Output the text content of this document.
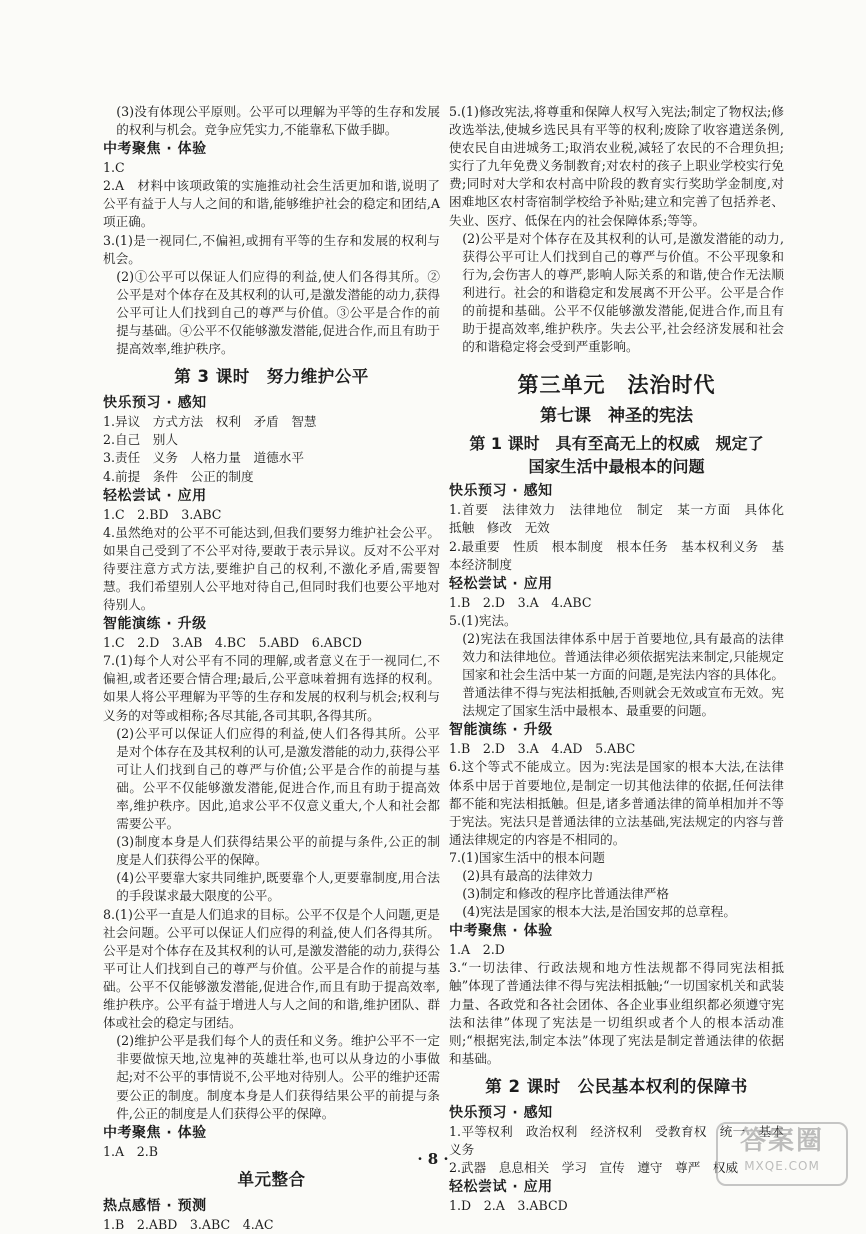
(3)没有体现公平原则。公平可以理解为平等的生存和发展的权利与机会。竞争应凭实力,不能靠私下做手脚。

中考聚焦 · 体验

1.C

2.A　材料中该项政策的实施推动社会生活更加和谐,说明了公平有益于人与人之间的和谐,能够维护社会的稳定和团结,A项正确。

3.(1)是一视同仁,不偏袒,或拥有平等的生存和发展的权利与机会。

(2)①公平可以保证人们应得的利益,使人们各得其所。②公平是对个体存在及其权利的认可,是激发潜能的动力,获得公平可让人们找到自己的尊严与价值。③公平是合作的前提与基础。④公平不仅能够激发潜能,促进合作,而且有助于提高效率,维护秩序。

第 3 课时　努力维护公平

快乐预习 · 感知

1.异议　方式方法　权利　矛盾　智慧

2.自己　别人

3.责任　义务　人格力量　道德水平

4.前提　条件　公正的制度

轻松尝试 · 应用

1.C　2.BD　3.ABC

4.虽然绝对的公平不可能达到,但我们要努力维护社会公平。如果自己受到了不公平对待,要敢于表示异议。反对不公平对待要注意方式方法,要维护自己的权利,不激化矛盾,需要智慧。我们希望别人公平地对待自己,但同时我们也要公平地对待别人。

智能演练 · 升级

1.C　2.D　3.AB　4.BC　5.ABD　6.ABCD

7.(1)每个人对公平有不同的理解,或者意义在于一视同仁,不偏袒,或者还要合情合理;最后,公平意味着拥有选择的权利。如果人将公平理解为平等的生存和发展的权利与机会;权利与义务的对等或相称;各尽其能,各司其职,各得其所。

(2)公平可以保证人们应得的利益,使人们各得其所。公平是对个体存在及其权利的认可,是激发潜能的动力,获得公平可让人们找到自己的尊严与价值;公平是合作的前提与基础。公平不仅能够激发潜能,促进合作,而且有助于提高效率,维护秩序。因此,追求公平不仅意义重大,个人和社会都需要公平。

(3)制度本身是人们获得结果公平的前提与条件,公正的制度是人们获得公平的保障。

(4)公平要靠大家共同维护,既要靠个人,更要靠制度,用合法的手段谋求最大限度的公平。

8.(1)公平一直是人们追求的目标。公平不仅是个人问题,更是社会问题。公平可以保证人们应得的利益,使人们各得其所。公平是对个体存在及其权利的认可,是激发潜能的动力,获得公平可让人们找到自己的尊严与价值。公平是合作的前提与基础。公平不仅能够激发潜能,促进合作,而且有助于提高效率,维护秩序。公平有益于增进人与人之间的和谐,维护团队、群体或社会的稳定与团结。

(2)维护公平是我们每个人的责任和义务。维护公平不一定非要做惊天地,泣鬼神的英雄壮举,也可以从身边的小事做起;对不公平的事情说不,公平地对待别人。公平的维护还需要公正的制度。制度本身是人们获得结果公平的前提与条件,公正的制度是人们获得公平的保障。

中考聚焦 · 体验

1.A　2.B

单元整合

热点感悟 · 预测

1.B　2.ABD　3.ABC　4.AC

5.(1)修改宪法,将尊重和保障人权写入宪法;制定了物权法;修改选举法,使城乡选民具有平等的权利;废除了收容遣送条例,使农民自由进城务工;取消农业税,减轻了农民的不合理负担;实行了九年免费义务制教育;对农村的孩子上职业学校实行免费;同时对大学和农村高中阶段的教育实行奖助学金制度,对困难地区农村寄宿制学校给予补贴;建立和完善了包括养老、失业、医疗、低保在内的社会保障体系;等等。

(2)公平是对个体存在及其权利的认可,是激发潜能的动力,获得公平可让人们找到自己的尊严与价值。不公平现象和行为,会伤害人的尊严,影响人际关系的和谐,使合作无法顺利进行。社会的和谐稳定和发展离不开公平。公平是合作的前提和基础。公平不仅能够激发潜能,促进合作,而且有助于提高效率,维护秩序。失去公平,社会经济发展和社会的和谐稳定将会受到严重影响。

第三单元　法治时代

第七课　神圣的宪法

第 1 课时　具有至高无上的权威　规定了
国家生活中最根本的问题

快乐预习 · 感知

1.首要　法律效力　法律地位　制定　某一方面　具体化　抵触　修改　无效

2.最重要　性质　根本制度　根本任务　基本权利义务　基本经济制度

轻松尝试 · 应用

1.B　2.D　3.A　4.ABC

5.(1)宪法。

(2)宪法在我国法律体系中居于首要地位,具有最高的法律效力和法律地位。普通法律必须依据宪法来制定,只能规定国家和社会生活中某一方面的问题,是宪法内容的具体化。普通法律不得与宪法相抵触,否则就会无效或宣布无效。宪法规定了国家生活中最根本、最重要的问题。

智能演练 · 升级

1.B　2.D　3.A　4.AD　5.ABC

6.这个等式不能成立。因为:宪法是国家的根本大法,在法律体系中居于首要地位,是制定一切其他法律的依据,任何法律都不能和宪法相抵触。但是,诸多普通法律的简单相加并不等于宪法。宪法只是普通法律的立法基础,宪法规定的内容与普通法律规定的内容是不相同的。

7.(1)国家生活中的根本问题

(2)具有最高的法律效力

(3)制定和修改的程序比普通法律严格

(4)宪法是国家的根本大法,是治国安邦的总章程。

中考聚焦 · 体验

1.A　2.D

3.“一切法律、行政法规和地方性法规都不得同宪法相抵触”体现了普通法律不得与宪法相抵触;“一切国家机关和武装力量、各政党和各社会团体、各企业事业组织都必须遵守宪法和法律”体现了宪法是一切组织或者个人的根本活动准则;“根据宪法,制定本法”体现了宪法是制定普通法律的依据和基础。

第 2 课时　公民基本权利的保障书

快乐预习 · 感知

1.平等权利　政治权利　经济权利　受教育权　统一　基本义务

2.武器　息息相关　学习　宣传　遵守　尊严　权威

轻松尝试 · 应用

1.D　2.A　3.ABCD

· 8 ·
答案圈
MXQE.COM
